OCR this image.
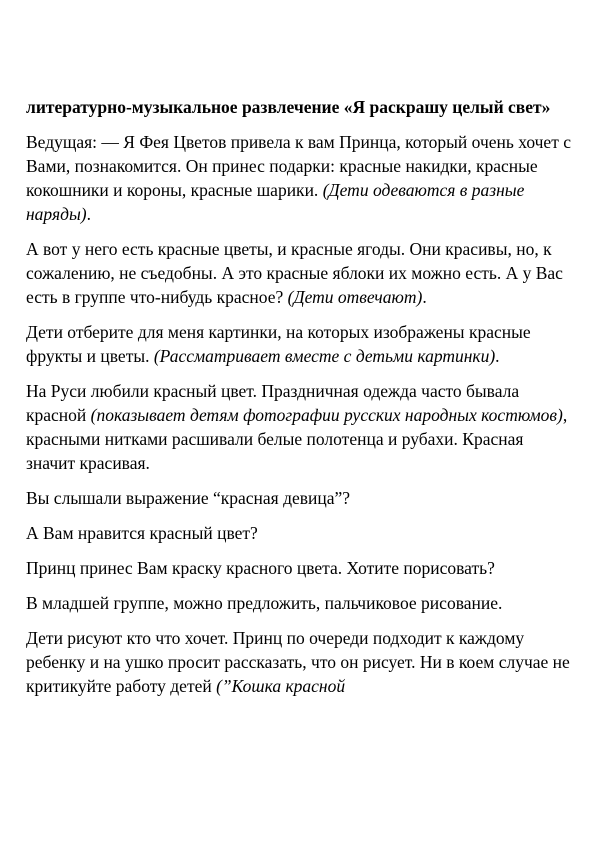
литературно-музыкальное развлечение «Я раскрашу целый свет»

Ведущая: — Я Фея Цветов привела к вам Принца, который очень хочет с Вами, познакомится. Он принес подарки: красные накидки, красные кокошники и короны, красные шарики. (Дети одеваются в разные наряды).

А вот у него есть красные цветы, и красные ягоды. Они красивы, но, к сожалению, не съедобны. А это красные яблоки их можно есть. А у Вас есть в группе что-нибудь красное? (Дети отвечают).

Дети отберите для меня картинки, на которых изображены красные фрукты и цветы. (Рассматривает вместе с детьми картинки).

На Руси любили красный цвет. Праздничная одежда часто бывала красной (показывает детям фотографии русских народных костюмов), красными нитками расшивали белые полотенца и рубахи. Красная значит красивая.

Вы слышали выражение “красная девица”?

А Вам нравится красный цвет?

Принц принес Вам краску красного цвета. Хотите порисовать?

В младшей группе, можно предложить, пальчиковое рисование.

Дети рисуют кто что хочет. Принц по очереди подходит к каждому ребенку и на ушко просит рассказать, что он рисует. Ни в коем случае не критикуйте работу детей (”Кошка красной
